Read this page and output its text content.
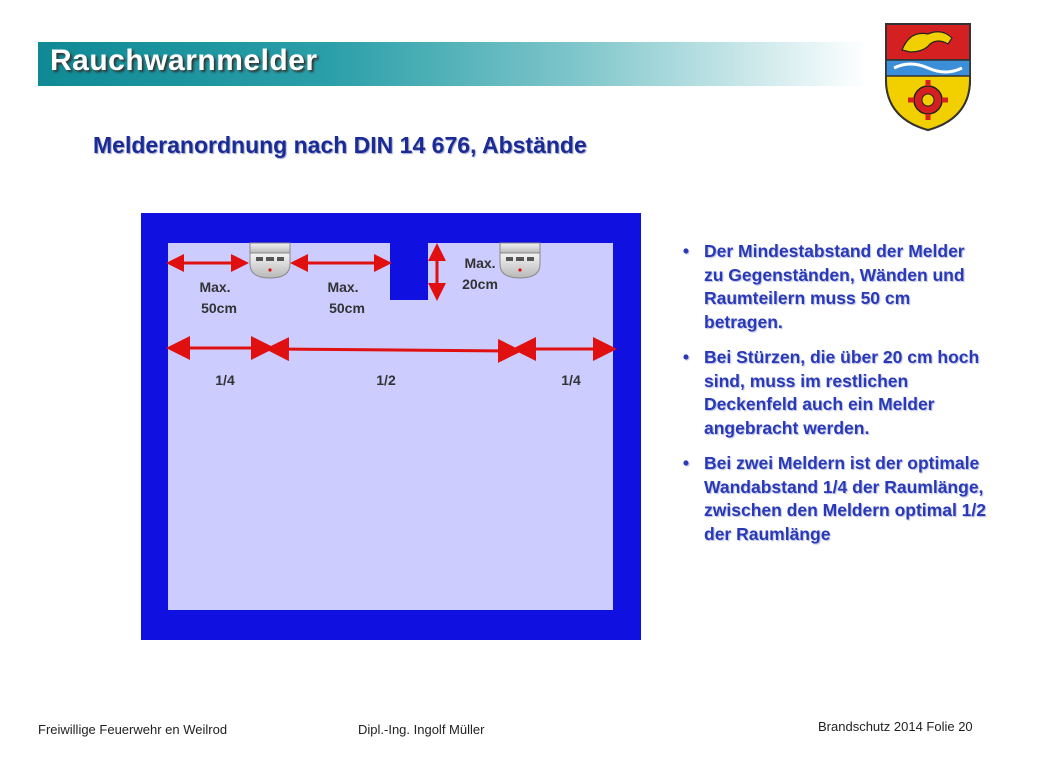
Rauchwarnmelder
Melderanordnung nach DIN 14 676, Abstände
Max.
50cm
Max.
50cm
Max.
20cm
1/4	1/2	1/4
• Der Mindestabstand der Melder zu Gegenständen, Wänden und Raumteilern muss 50 cm betragen.
• Bei Stürzen, die über 20 cm hoch sind, muss im restlichen Deckenfeld auch ein Melder angebracht werden.
• Bei zwei Meldern ist der optimale Wandabstand 1/4 der Raumlänge, zwischen den Meldern optimal 1/2 der Raumlänge
Freiwillige Feuerwehr en Weilrod	Dipl.-Ing. Ingolf Müller	Brandschutz 2014 Folie 20
